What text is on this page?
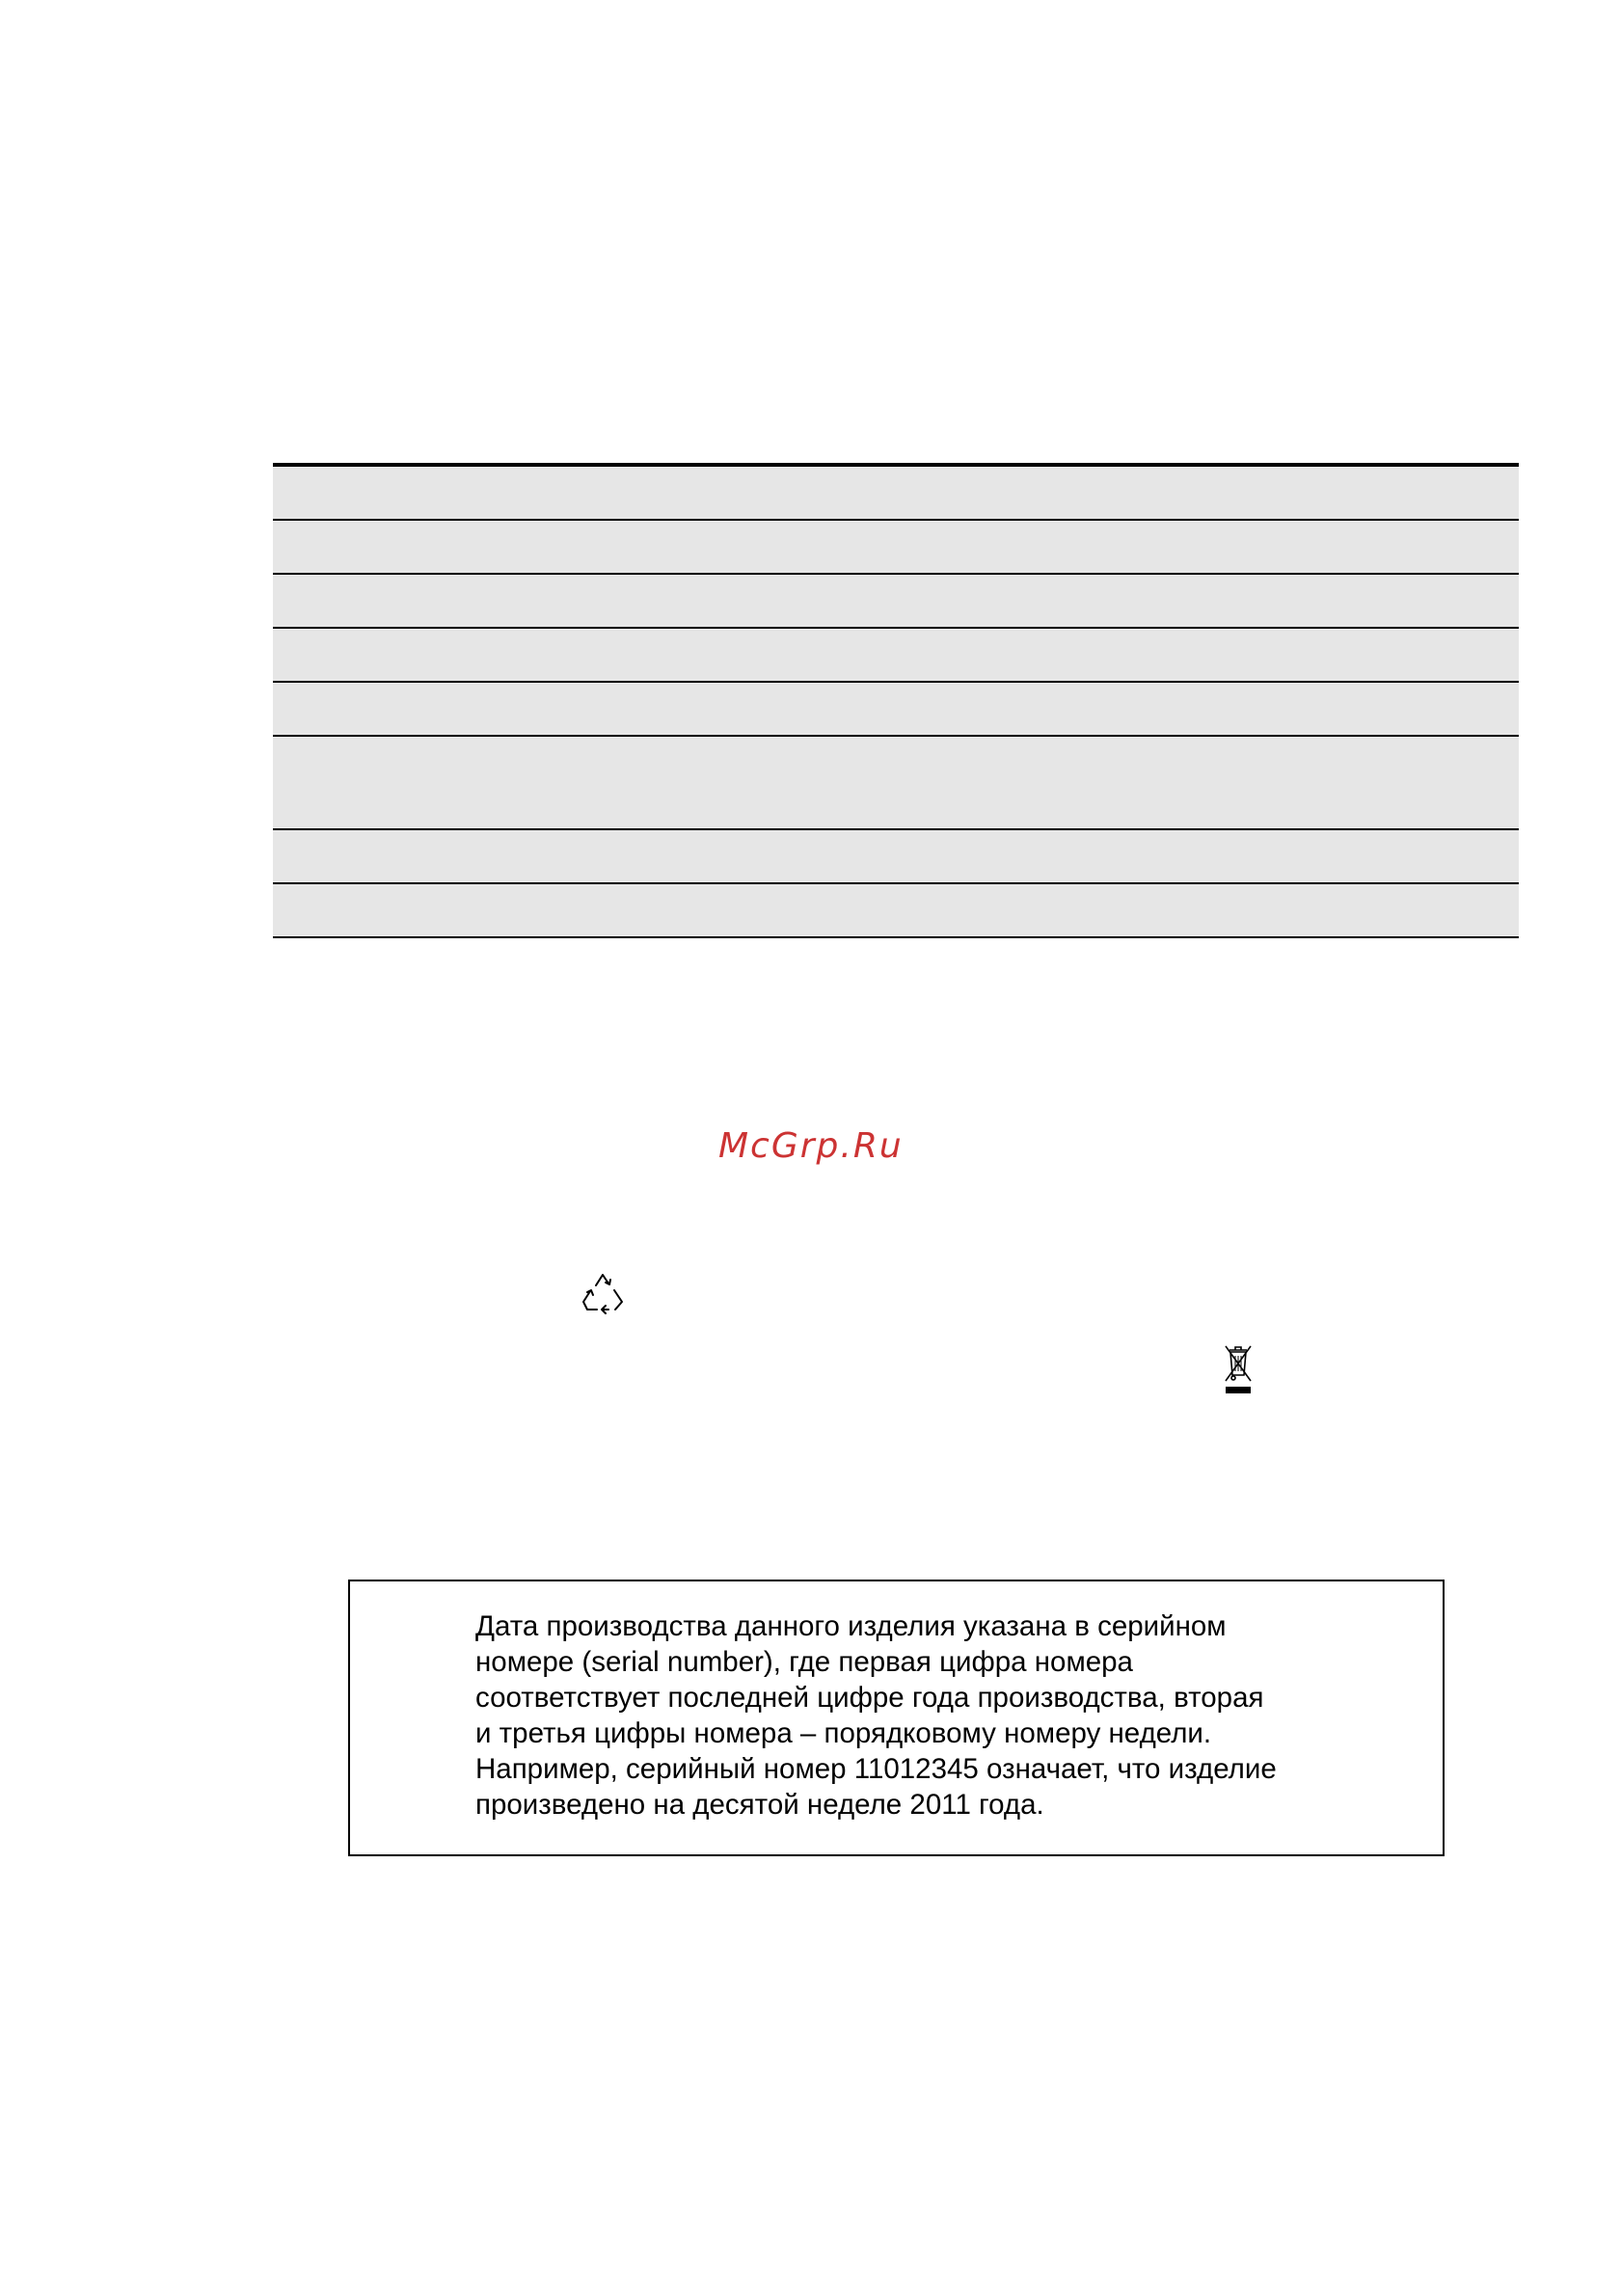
McGrp.Ru
Дата производства данного изделия указана в серийном
номере (serial number), где первая цифра номера
соответствует последней цифре года производства, вторая
и третья цифры номера – порядковому номеру недели.
Например, серийный номер 11012345 означает, что изделие
произведено на десятой неделе 2011 года.
